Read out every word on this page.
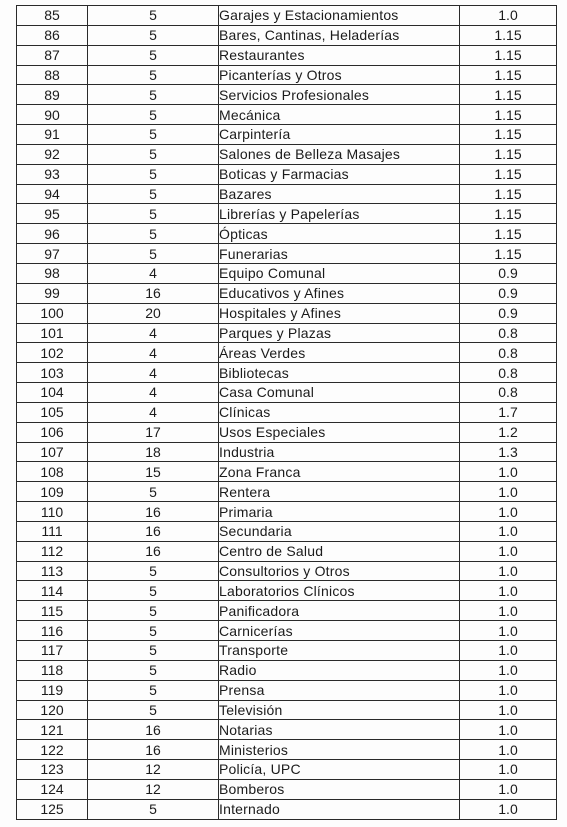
85	5	Garajes y Estacionamientos	1.0
86	5	Bares, Cantinas, Heladerías	1.15
87	5	Restaurantes	1.15
88	5	Picanterías y Otros	1.15
89	5	Servicios Profesionales	1.15
90	5	Mecánica	1.15
91	5	Carpintería	1.15
92	5	Salones de Belleza Masajes	1.15
93	5	Boticas y Farmacias	1.15
94	5	Bazares	1.15
95	5	Librerías y Papelerías	1.15
96	5	Ópticas	1.15
97	5	Funerarias	1.15
98	4	Equipo Comunal	0.9
99	16	Educativos y Afines	0.9
100	20	Hospitales y Afines	0.9
101	4	Parques y Plazas	0.8
102	4	Áreas Verdes	0.8
103	4	Bibliotecas	0.8
104	4	Casa Comunal	0.8
105	4	Clínicas	1.7
106	17	Usos Especiales	1.2
107	18	Industria	1.3
108	15	Zona Franca	1.0
109	5	Rentera	1.0
110	16	Primaria	1.0
111	16	Secundaria	1.0
112	16	Centro de Salud	1.0
113	5	Consultorios y Otros	1.0
114	5	Laboratorios Clínicos	1.0
115	5	Panificadora	1.0
116	5	Carnicerías	1.0
117	5	Transporte	1.0
118	5	Radio	1.0
119	5	Prensa	1.0
120	5	Televisión	1.0
121	16	Notarias	1.0
122	16	Ministerios	1.0
123	12	Policía, UPC	1.0
124	12	Bomberos	1.0
125	5	Internado	1.0
